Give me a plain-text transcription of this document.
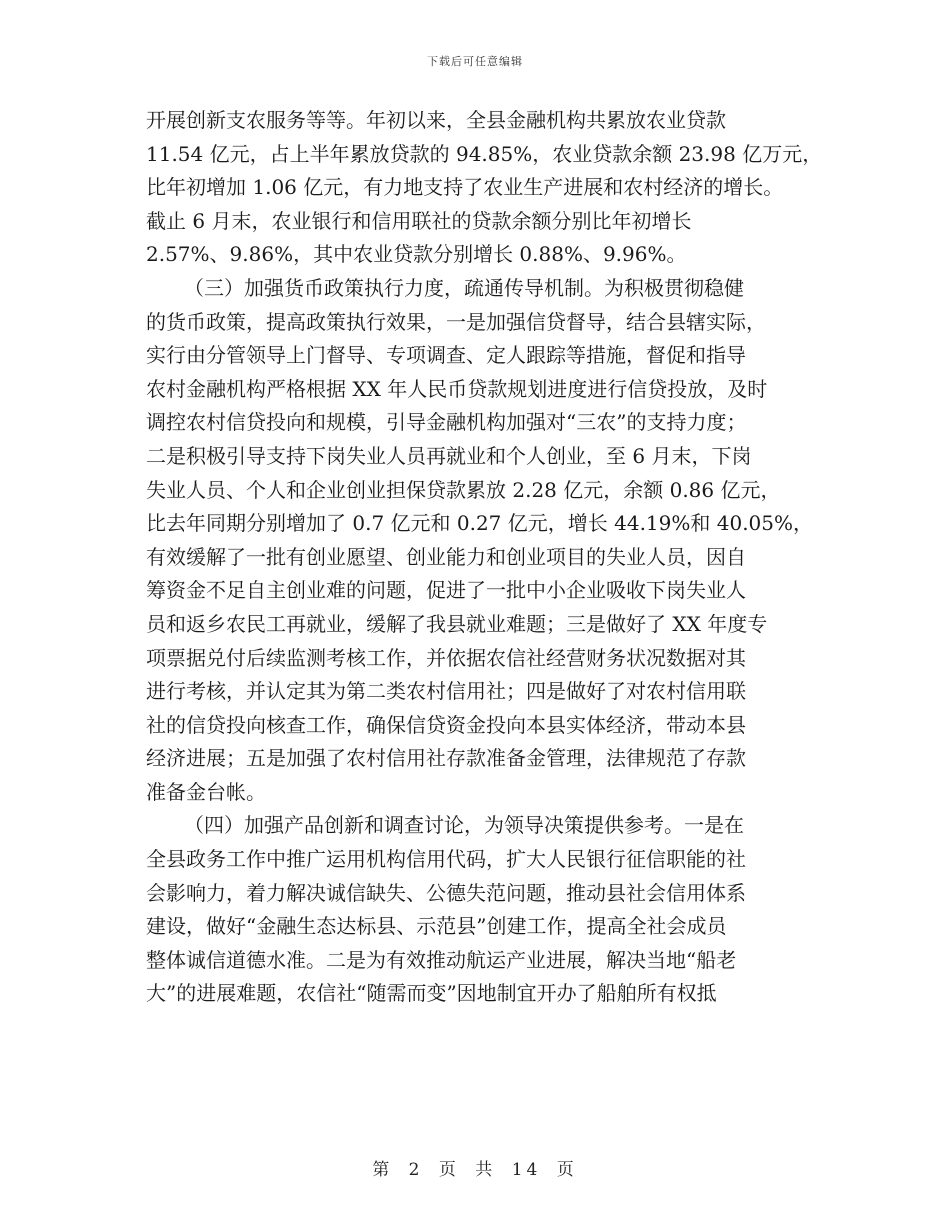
下载后可任意编辑
开展创新支农服务等等。年初以来，全县金融机构共累放农业贷款
11.54 亿元，占上半年累放贷款的 94.85%，农业贷款余额 23.98 亿万元，
比年初增加 1.06 亿元，有力地支持了农业生产进展和农村经济的增长。
截止 6 月末，农业银行和信用联社的贷款余额分别比年初增长
2.57%、9.86%，其中农业贷款分别增长 0.88%、9.96%。
（三）加强货币政策执行力度，疏通传导机制。为积极贯彻稳健
的货币政策，提高政策执行效果，一是加强信贷督导，结合县辖实际，
实行由分管领导上门督导、专项调查、定人跟踪等措施，督促和指导
农村金融机构严格根据 XX 年人民币贷款规划进度进行信贷投放，及时
调控农村信贷投向和规模，引导金融机构加强对“三农”的支持力度；
二是积极引导支持下岗失业人员再就业和个人创业，至 6 月末，下岗
失业人员、个人和企业创业担保贷款累放 2.28 亿元，余额 0.86 亿元，
比去年同期分别增加了 0.7 亿元和 0.27 亿元，增长 44.19%和 40.05%，
有效缓解了一批有创业愿望、创业能力和创业项目的失业人员，因自
筹资金不足自主创业难的问题，促进了一批中小企业吸收下岗失业人
员和返乡农民工再就业，缓解了我县就业难题；三是做好了 XX 年度专
项票据兑付后续监测考核工作，并依据农信社经营财务状况数据对其
进行考核，并认定其为第二类农村信用社；四是做好了对农村信用联
社的信贷投向核查工作，确保信贷资金投向本县实体经济，带动本县
经济进展；五是加强了农村信用社存款准备金管理，法律规范了存款
准备金台帐。
（四）加强产品创新和调查讨论，为领导决策提供参考。一是在
全县政务工作中推广运用机构信用代码，扩大人民银行征信职能的社
会影响力，着力解决诚信缺失、公德失范问题，推动县社会信用体系
建设，做好“金融生态达标县、示范县”创建工作，提高全社会成员
整体诚信道德水准。二是为有效推动航运产业进展，解决当地“船老
大”的进展难题，农信社“随需而变”因地制宜开办了船舶所有权抵
第 2 页 共 14 页
